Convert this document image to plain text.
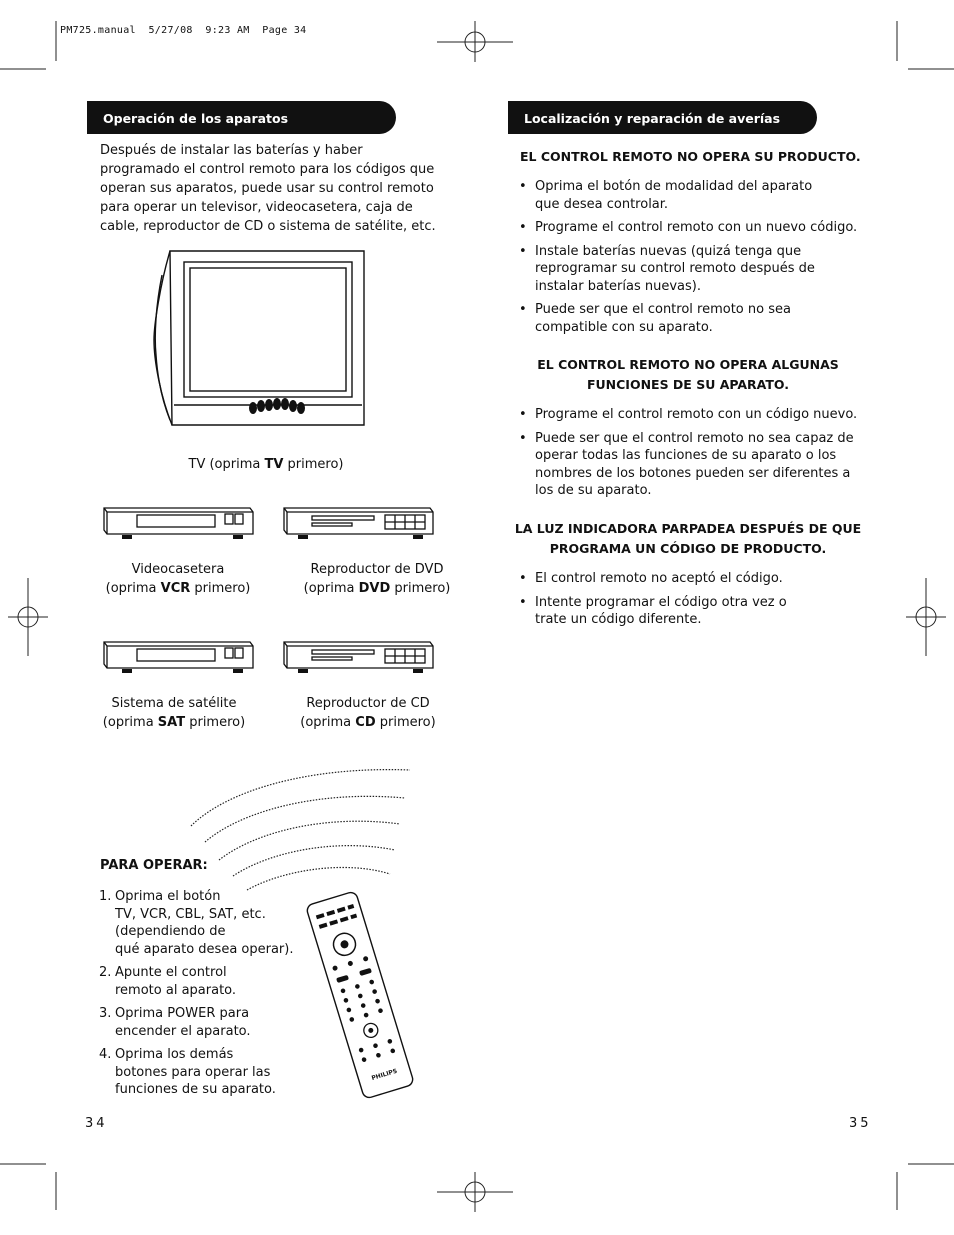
PM725.manual  5/27/08  9:23 AM  Page 34
Operación de los aparatos
Después de instalar las baterías y haber programado el control remoto para los códigos que operan sus aparatos, puede usar su control remoto para operar un televisor, videocasetera, caja de cable, reproductor de CD o sistema de satélite, etc.
TV (oprima TV primero)
Videocasetera
(oprima VCR primero)
Reproductor de DVD
(oprima DVD primero)
Sistema de satélite
(oprima SAT primero)
Reproductor de CD
(oprima CD primero)
PARA OPERAR:
1. Oprima el botón
TV, VCR, CBL, SAT, etc.
(dependiendo de
qué aparato desea operar).
2. Apunte el control
remoto al aparato.
3. Oprima POWER para
encender el aparato.
4. Oprima los demás
botones para operar las
funciones de su aparato.
PHILIPS
34
Localización y reparación de averías
EL CONTROL REMOTO NO OPERA SU PRODUCTO.
• Oprima el botón de modalidad del aparato
que desea controlar.
• Programe el control remoto con un nuevo código.
• Instale baterías nuevas (quizá tenga que
reprogramar su control remoto después de
instalar baterías nuevas).
• Puede ser que el control remoto no sea
compatible con su aparato.
EL CONTROL REMOTO NO OPERA ALGUNAS
FUNCIONES DE SU APARATO.
• Programe el control remoto con un código nuevo.
• Puede ser que el control remoto no sea capaz de
operar todas las funciones de su aparato o los
nombres de los botones pueden ser diferentes a
los de su aparato.
LA LUZ INDICADORA PARPADEA DESPUÉS DE QUE
PROGRAMA UN CÓDIGO DE PRODUCTO.
• El control remoto no aceptó el código.
• Intente programar el código otra vez o
trate un código diferente.
35
